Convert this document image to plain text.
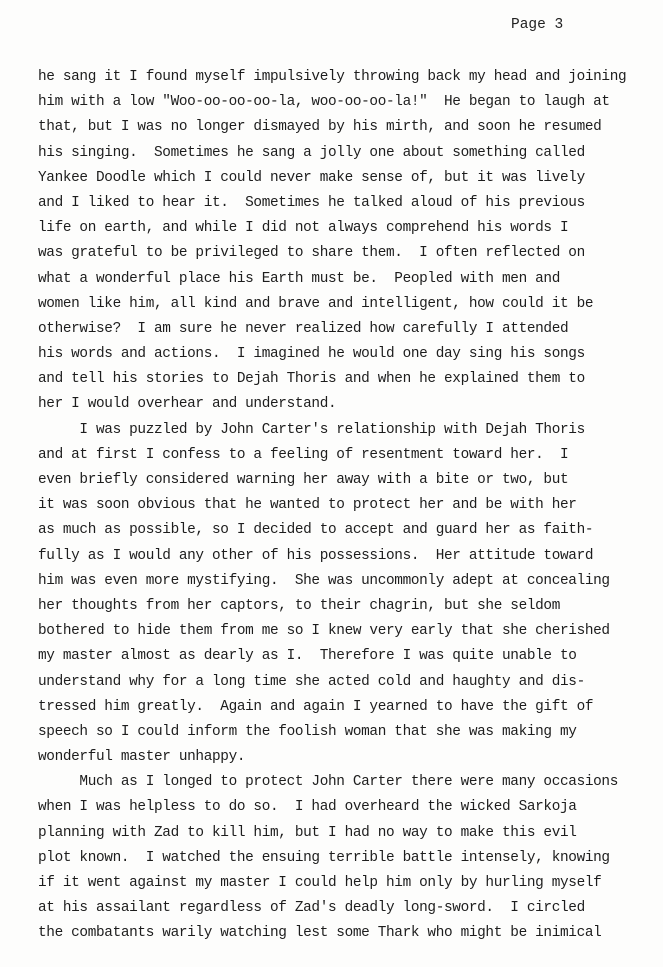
Page 3
he sang it I found myself impulsively throwing back my head and joining
him with a low "Woo-oo-oo-oo-la, woo-oo-oo-la!"  He began to laugh at
that, but I was no longer dismayed by his mirth, and soon he resumed
his singing.  Sometimes he sang a jolly one about something called
Yankee Doodle which I could never make sense of, but it was lively
and I liked to hear it.  Sometimes he talked aloud of his previous
life on earth, and while I did not always comprehend his words I
was grateful to be privileged to share them.  I often reflected on
what a wonderful place his Earth must be.  Peopled with men and
women like him, all kind and brave and intelligent, how could it be
otherwise?  I am sure he never realized how carefully I attended
his words and actions.  I imagined he would one day sing his songs
and tell his stories to Dejah Thoris and when he explained them to
her I would overhear and understand.
I was puzzled by John Carter's relationship with Dejah Thoris
and at first I confess to a feeling of resentment toward her.  I
even briefly considered warning her away with a bite or two, but
it was soon obvious that he wanted to protect her and be with her
as much as possible, so I decided to accept and guard her as faith-
fully as I would any other of his possessions.  Her attitude toward
him was even more mystifying.  She was uncommonly adept at concealing
her thoughts from her captors, to their chagrin, but she seldom
bothered to hide them from me so I knew very early that she cherished
my master almost as dearly as I.  Therefore I was quite unable to
understand why for a long time she acted cold and haughty and dis-
tressed him greatly.  Again and again I yearned to have the gift of
speech so I could inform the foolish woman that she was making my
wonderful master unhappy.
Much as I longed to protect John Carter there were many occasions
when I was helpless to do so.  I had overheard the wicked Sarkoja
planning with Zad to kill him, but I had no way to make this evil
plot known.  I watched the ensuing terrible battle intensely, knowing
if it went against my master I could help him only by hurling myself
at his assailant regardless of Zad's deadly long-sword.  I circled
the combatants warily watching lest some Thark who might be inimical
